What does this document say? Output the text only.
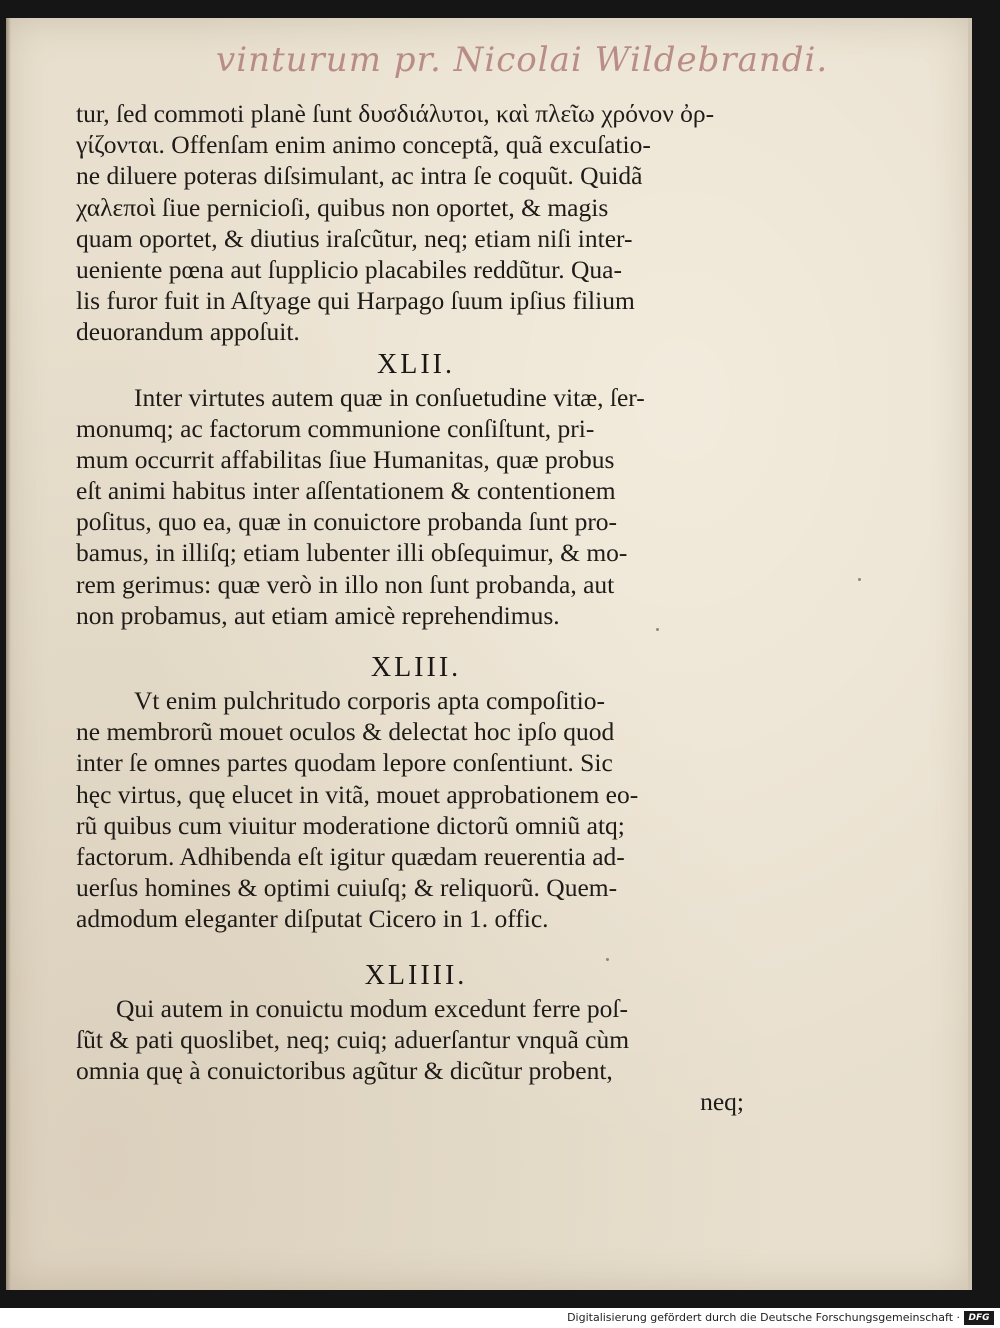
vinturum pr. Nicolai Wildebrandi.
tur, ſed commoti planè ſunt δυσδιάλυτοι, καὶ πλεῖω χρόνον ὀρ-
γίζονται. Offenſam enim animo conceptã, quã excuſatio-
ne diluere poteras diſsimulant, ac intra ſe coquũt. Quidã
χαλεποὶ ſiue pernicioſi, quibus non oportet, & magis
quam oportet, & diutius iraſcũtur, neq; etiam niſi inter-
ueniente pœna aut ſupplicio placabiles reddũtur. Qua-
lis furor fuit in Aſtyage qui Harpago ſuum ipſius filium
deuorandum appoſuit.
XLII.
Inter virtutes autem quæ in conſuetudine vitæ, ſer-
monumq; ac factorum communione conſiſtunt, pri-
mum occurrit affabilitas ſiue Humanitas, quæ probus
eſt animi habitus inter aſſentationem & contentionem
poſitus, quo ea, quæ in conuictore probanda ſunt pro-
bamus, in illiſq; etiam lubenter illi obſequimur, & mo-
rem gerimus: quæ verò in illo non ſunt probanda, aut
non probamus, aut etiam amicè reprehendimus.
XLIII.
Vt enim pulchritudo corporis apta compoſitio-
ne membrorũ mouet oculos & delectat hoc ipſo quod
inter ſe omnes partes quodam lepore conſentiunt. Sic
hęc virtus, quę elucet in vitã, mouet approbationem eo-
rũ quibus cum viuitur moderatione dictorũ omniũ atq;
factorum. Adhibenda eſt igitur quædam reuerentia ad-
uerſus homines & optimi cuiuſq; & reliquorũ. Quem-
admodum eleganter diſputat Cicero in 1. offic.
XLIIII.
Qui autem in conuictu modum excedunt ferre poſ-
ſũt & pati quoslibet, neq; cuiq; aduerſantur vnquã cùm
omnia quę à conuictoribus agũtur & dicũtur probent,
neq;
Digitalisierung gefördert durch die Deutsche Forschungsgemeinschaft · DFG
